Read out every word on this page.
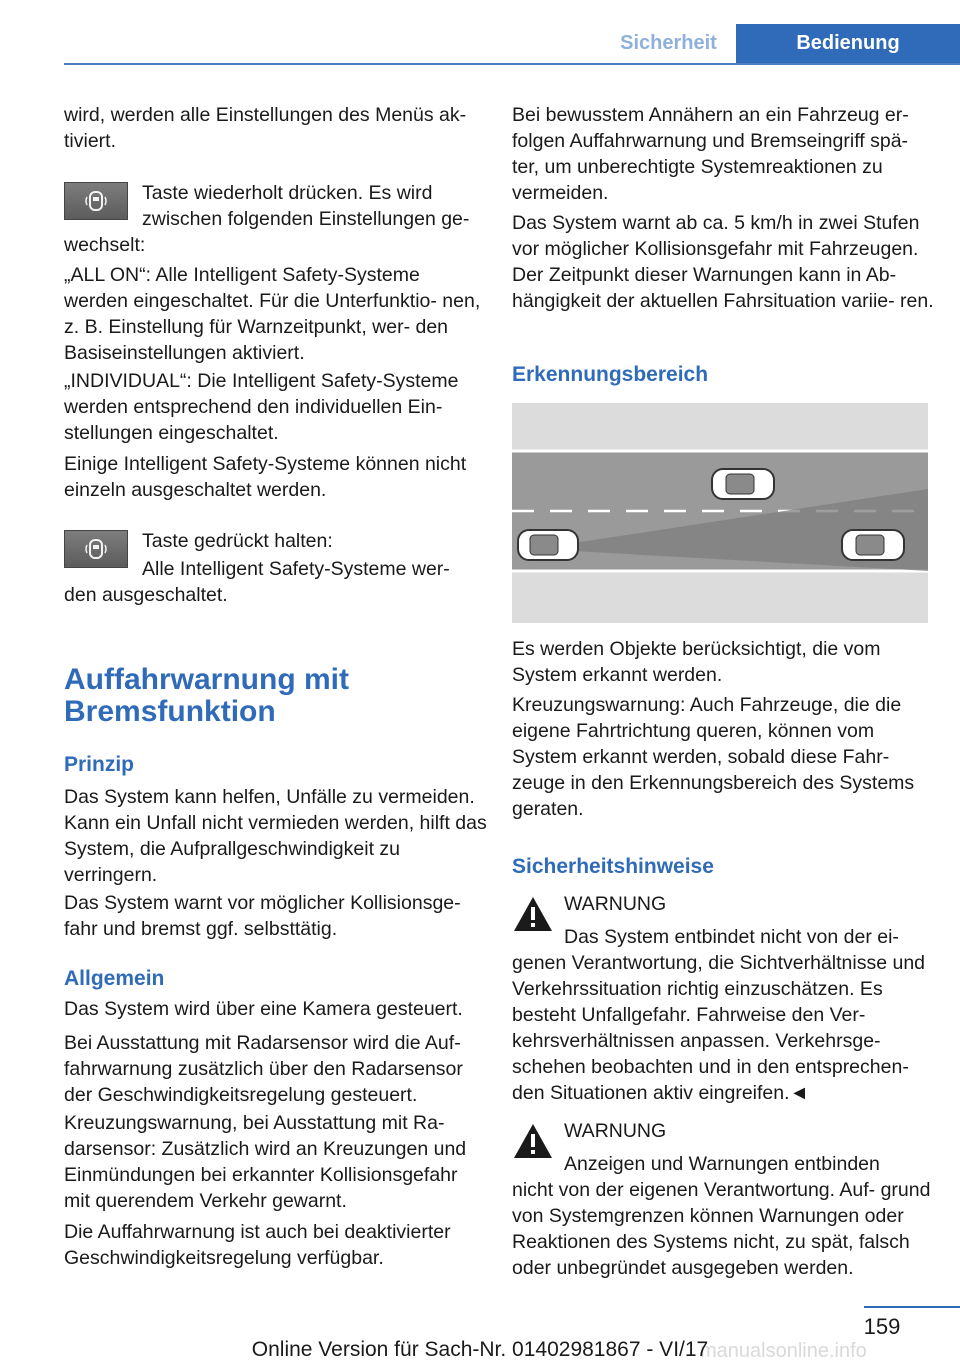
Sicherheit	Bedienung

wird, werden alle Einstellungen des Menüs ak‐ tiviert.

Taste wiederholt drücken. Es wird

zwischen folgenden Einstellungen ge‐

wechselt:

„ALL ON“: Alle Intelligent Safety-Systeme werden eingeschaltet. Für die Unterfunktio‐ nen, z. B. Einstellung für Warnzeitpunkt, wer‐ den Basiseinstellungen aktiviert.

„INDIVIDUAL“: Die Intelligent Safety-Systeme werden entsprechend den individuellen Ein‐ stellungen eingeschaltet.

Einige Intelligent Safety-Systeme können nicht einzeln ausgeschaltet werden.

Taste gedrückt halten:

Alle Intelligent Safety-Systeme wer‐

den ausgeschaltet.

Auffahrwarnung mit Bremsfunktion
Prinzip

Das System kann helfen, Unfälle zu vermeiden. Kann ein Unfall nicht vermieden werden, hilft das System, die Aufprallgeschwindigkeit zu verringern.

Das System warnt vor möglicher Kollisionsge‐ fahr und bremst ggf. selbsttätig.

Allgemein

Das System wird über eine Kamera gesteuert.

Bei Ausstattung mit Radarsensor wird die Auf‐ fahrwarnung zusätzlich über den Radarsensor der Geschwindigkeitsregelung gesteuert.

Kreuzungswarnung, bei Ausstattung mit Ra‐ darsensor: Zusätzlich wird an Kreuzungen und Einmündungen bei erkannter Kollisionsgefahr mit querendem Verkehr gewarnt.

Die Auffahrwarnung ist auch bei deaktivierter Geschwindigkeitsregelung verfügbar.

Bei bewusstem Annähern an ein Fahrzeug er‐ folgen Auffahrwarnung und Bremseingriff spä‐ ter, um unberechtigte Systemreaktionen zu vermeiden.

Das System warnt ab ca. 5 km/h in zwei Stufen vor möglicher Kollisionsgefahr mit Fahrzeugen. Der Zeitpunkt dieser Warnungen kann in Ab‐ hängigkeit der aktuellen Fahrsituation variie‐ ren.

Erkennungsbereich

Es werden Objekte berücksichtigt, die vom System erkannt werden.

Kreuzungswarnung: Auch Fahrzeuge, die die eigene Fahrtrichtung queren, können vom System erkannt werden, sobald diese Fahr‐ zeuge in den Erkennungsbereich des Systems geraten.

Sicherheitshinweise

WARNUNG

Das System entbindet nicht von der ei‐

genen Verantwortung, die Sichtverhältnisse und Verkehrssituation richtig einzuschätzen. Es besteht Unfallgefahr. Fahrweise den Ver‐ kehrsverhältnissen anpassen. Verkehrsge‐ schehen beobachten und in den entsprechen‐ den Situationen aktiv eingreifen.◄

WARNUNG

Anzeigen und Warnungen entbinden

nicht von der eigenen Verantwortung. Auf‐ grund von Systemgrenzen können Warnungen oder Reaktionen des Systems nicht, zu spät, falsch oder unbegründet ausgegeben werden.

159
manualsonline.info
Online Version für Sach-Nr. 01402981867 - VI/17
